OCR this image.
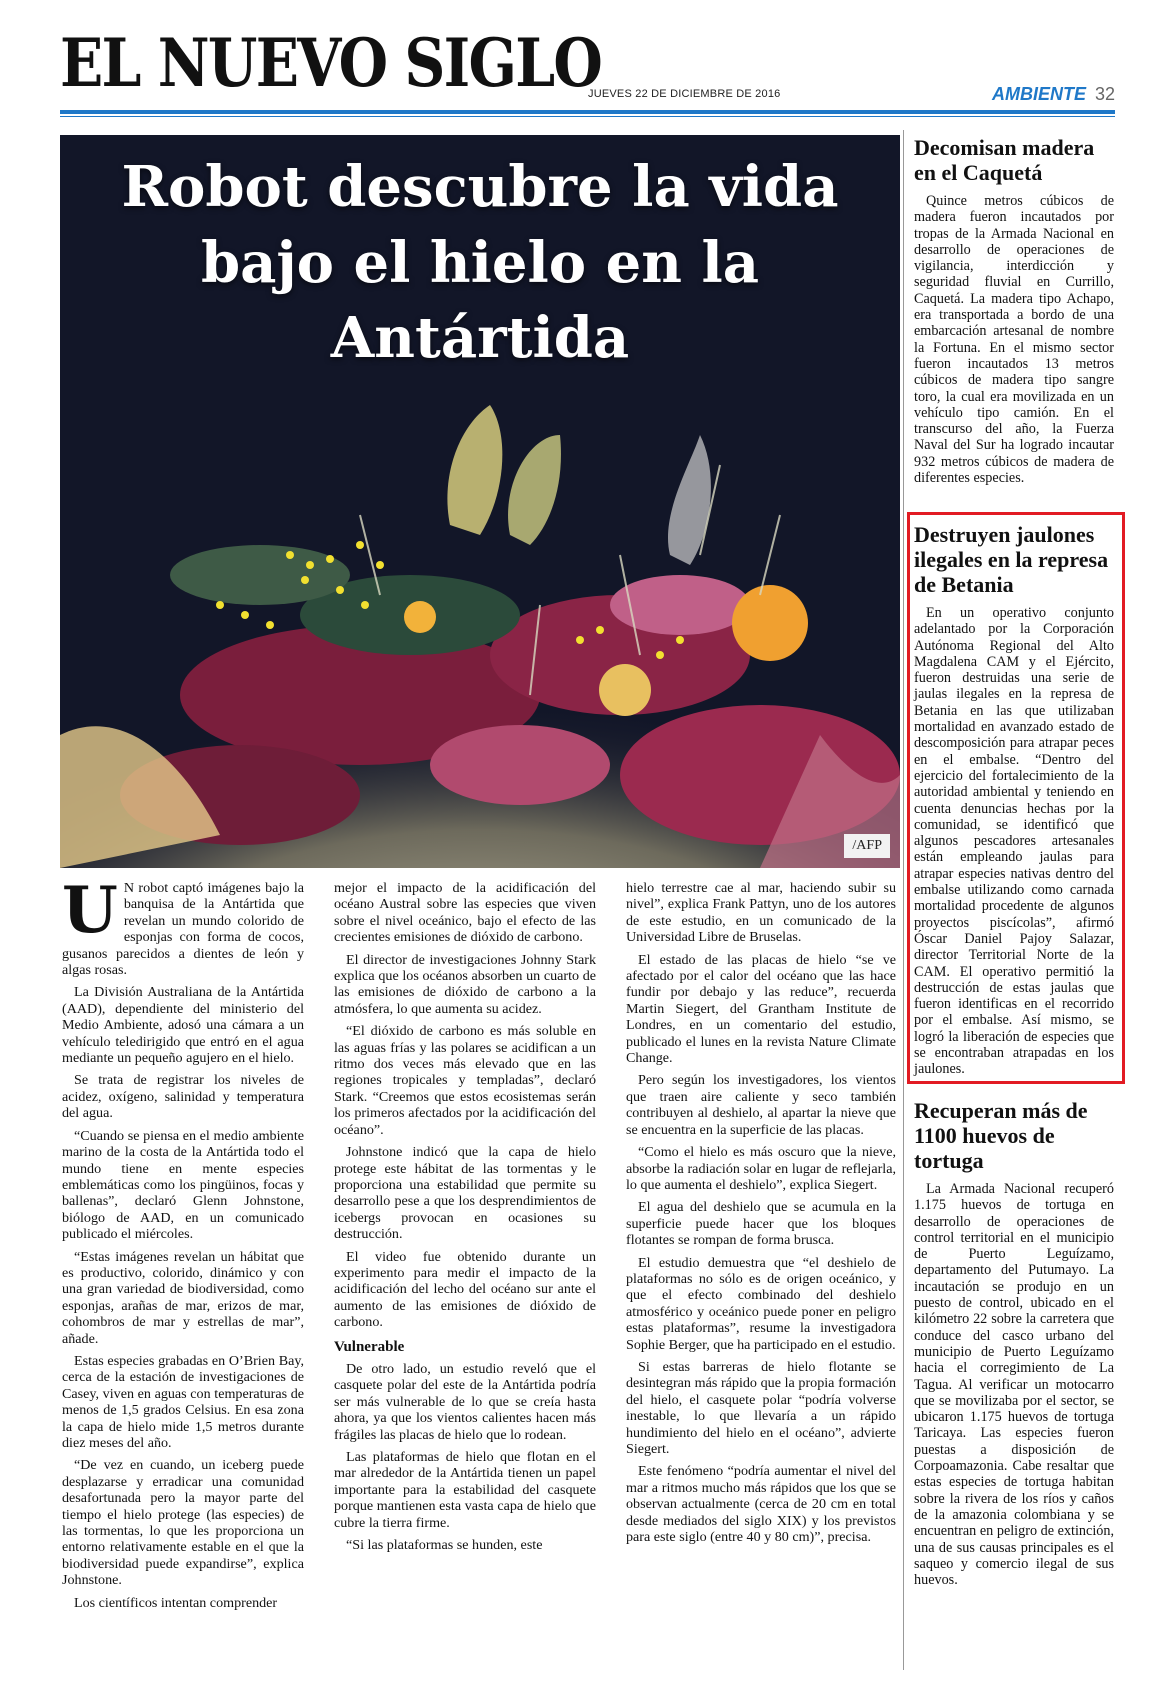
EL NUEVO SIGLO
JUEVES 22 DE DICIEMBRE DE 2016	AMBIENTE 32
Robot descubre la vida bajo el hielo en la Antártida
/AFP

U N robot captó imágenes bajo la banquisa de la Antártida que revelan un mundo colorido de esponjas con forma de cocos, gusanos parecidos a dientes de león y algas rosas.

La División Australiana de la Antártida (AAD), dependiente del ministerio del Medio Ambiente, adosó una cámara a un vehículo teledirigido que entró en el agua mediante un pequeño agujero en el hielo.

Se trata de registrar los niveles de acidez, oxígeno, salinidad y temperatura del agua.

“Cuando se piensa en el medio ambiente marino de la costa de la Antártida todo el mundo tiene en mente especies emblemáticas como los pingüinos, focas y ballenas”, declaró Glenn Johnstone, biólogo de AAD, en un comunicado publicado el miércoles.

“Estas imágenes revelan un hábitat que es productivo, colorido, dinámico y con una gran variedad de biodiversidad, como esponjas, arañas de mar, erizos de mar, cohombros de mar y estrellas de mar”, añade.

Estas especies grabadas en O’Brien Bay, cerca de la estación de investigaciones de Casey, viven en aguas con temperaturas de menos de 1,5 grados Celsius. En esa zona la capa de hielo mide 1,5 metros durante diez meses del año.

“De vez en cuando, un iceberg puede desplazarse y erradicar una comunidad desafortunada pero la mayor parte del tiempo el hielo protege (las especies) de las tormentas, lo que les proporciona un entorno relativamente estable en el que la biodiversidad puede expandirse”, explica Johnstone.

Los científicos intentan comprender

mejor el impacto de la acidificación del océano Austral sobre las especies que viven sobre el nivel oceánico, bajo el efecto de las crecientes emisiones de dióxido de carbono.

El director de investigaciones Johnny Stark explica que los océanos absorben un cuarto de las emisiones de dióxido de carbono a la atmósfera, lo que aumenta su acidez.

“El dióxido de carbono es más soluble en las aguas frías y las polares se acidifican a un ritmo dos veces más elevado que en las regiones tropicales y templadas”, declaró Stark. “Creemos que estos ecosistemas serán los primeros afectados por la acidificación del océano”.

Johnstone indicó que la capa de hielo protege este hábitat de las tormentas y le proporciona una estabilidad que permite su desarrollo pese a que los desprendimientos de icebergs provocan en ocasiones su destrucción.

El video fue obtenido durante un experimento para medir el impacto de la acidificación del lecho del océano sur ante el aumento de las emisiones de dióxido de carbono.

Vulnerable

De otro lado, un estudio reveló que el casquete polar del este de la Antártida podría ser más vulnerable de lo que se creía hasta ahora, ya que los vientos calientes hacen más frágiles las placas de hielo que lo rodean.

Las plataformas de hielo que flotan en el mar alrededor de la Antártida tienen un papel importante para la estabilidad del casquete porque mantienen esta vasta capa de hielo que cubre la tierra firme.

“Si las plataformas se hunden, este

hielo terrestre cae al mar, haciendo subir su nivel”, explica Frank Pattyn, uno de los autores de este estudio, en un comunicado de la Universidad Libre de Bruselas.

El estado de las placas de hielo “se ve afectado por el calor del océano que las hace fundir por debajo y las reduce”, recuerda Martin Siegert, del Grantham Institute de Londres, en un comentario del estudio, publicado el lunes en la revista Nature Climate Change.

Pero según los investigadores, los vientos que traen aire caliente y seco también contribuyen al deshielo, al apartar la nieve que se encuentra en la superficie de las placas.

“Como el hielo es más oscuro que la nieve, absorbe la radiación solar en lugar de reflejarla, lo que aumenta el deshielo”, explica Siegert.

El agua del deshielo que se acumula en la superficie puede hacer que los bloques flotantes se rompan de forma brusca.

El estudio demuestra que “el deshielo de plataformas no sólo es de origen oceánico, y que el efecto combinado del deshielo atmosférico y oceánico puede poner en peligro estas plataformas”, resume la investigadora Sophie Berger, que ha participado en el estudio.

Si estas barreras de hielo flotante se desintegran más rápido que la propia formación del hielo, el casquete polar “podría volverse inestable, lo que llevaría a un rápido hundimiento del hielo en el océano”, advierte Siegert.

Este fenómeno “podría aumentar el nivel del mar a ritmos mucho más rápidos que los que se observan actualmente (cerca de 20 cm en total desde mediados del siglo XIX) y los previstos para este siglo (entre 40 y 80 cm)”, precisa.

Decomisan madera en el Caquetá

Quince metros cúbicos de madera fueron incautados por tropas de la Armada Nacional en desarrollo de operaciones de vigilancia, interdicción y seguridad fluvial en Currillo, Caquetá. La madera tipo Achapo, era transportada a bordo de una embarcación artesanal de nombre la Fortuna. En el mismo sector fueron incautados 13 metros cúbicos de madera tipo sangre toro, la cual era movilizada en un vehículo tipo camión. En el transcurso del año, la Fuerza Naval del Sur ha logrado incautar 932 metros cúbicos de madera de diferentes especies.

Destruyen jaulones ilegales en la represa de Betania

En un operativo conjunto adelantado por la Corporación Autónoma Regional del Alto Magdalena CAM y el Ejército, fueron destruidas una serie de jaulas ilegales en la represa de Betania en las que utilizaban mortalidad en avanzado estado de descomposición para atrapar peces en el embalse. “Dentro del ejercicio del fortalecimiento de la autoridad ambiental y teniendo en cuenta denuncias hechas por la comunidad, se identificó que algunos pescadores artesanales están empleando jaulas para atrapar especies nativas dentro del embalse utilizando como carnada mortalidad procedente de algunos proyectos piscícolas”, afirmó Óscar Daniel Pajoy Salazar, director Territorial Norte de la CAM. El operativo permitió la destrucción de estas jaulas que fueron identificas en el recorrido por el embalse. Así mismo, se logró la liberación de especies que se encontraban atrapadas en los jaulones.

Recuperan más de 1100 huevos de tortuga

La Armada Nacional recuperó 1.175 huevos de tortuga en desarrollo de operaciones de control territorial en el municipio de Puerto Leguízamo, departamento del Putumayo. La incautación se produjo en un puesto de control, ubicado en el kilómetro 22 sobre la carretera que conduce del casco urbano del municipio de Puerto Leguízamo hacia el corregimiento de La Tagua. Al verificar un motocarro que se movilizaba por el sector, se ubicaron 1.175 huevos de tortuga Taricaya. Las especies fueron puestas a disposición de Corpoamazonia. Cabe resaltar que estas especies de tortuga habitan sobre la rivera de los ríos y caños de la amazonia colombiana y se encuentran en peligro de extinción, una de sus causas principales es el saqueo y comercio ilegal de sus huevos.
